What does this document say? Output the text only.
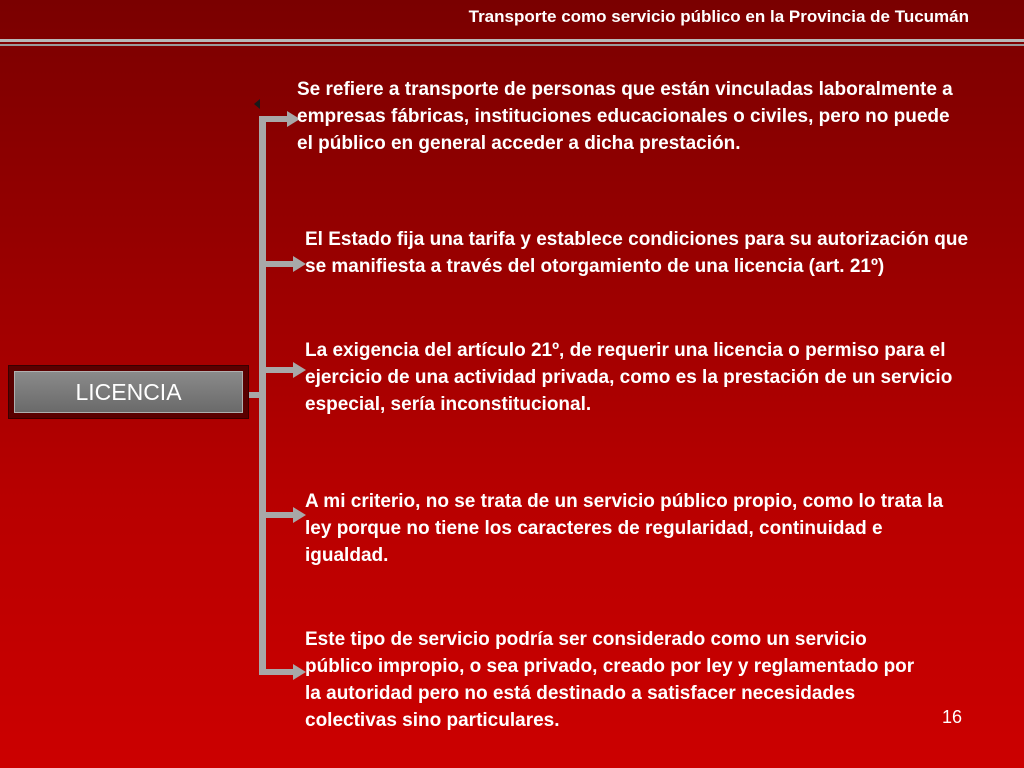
Transporte como servicio público en la Provincia de Tucumán
LICENCIA
Se refiere a transporte de personas que están vinculadas laboralmente a empresas fábricas, instituciones educacionales o civiles, pero no puede el público en general acceder a dicha prestación.
El Estado fija una tarifa y establece condiciones para su autorización que se manifiesta a través del otorgamiento de una licencia (art. 21º)
La exigencia del artículo 21º, de requerir una licencia o permiso para el ejercicio de una actividad privada, como es la prestación de un servicio especial, sería inconstitucional.
A mi criterio, no se trata de un servicio público propio, como lo trata la ley porque no tiene los caracteres de regularidad, continuidad e igualdad.
Este tipo de servicio podría ser considerado como un servicio público impropio, o sea privado, creado por ley y reglamentado por la autoridad pero no está destinado a satisfacer necesidades colectivas sino particulares.	16
